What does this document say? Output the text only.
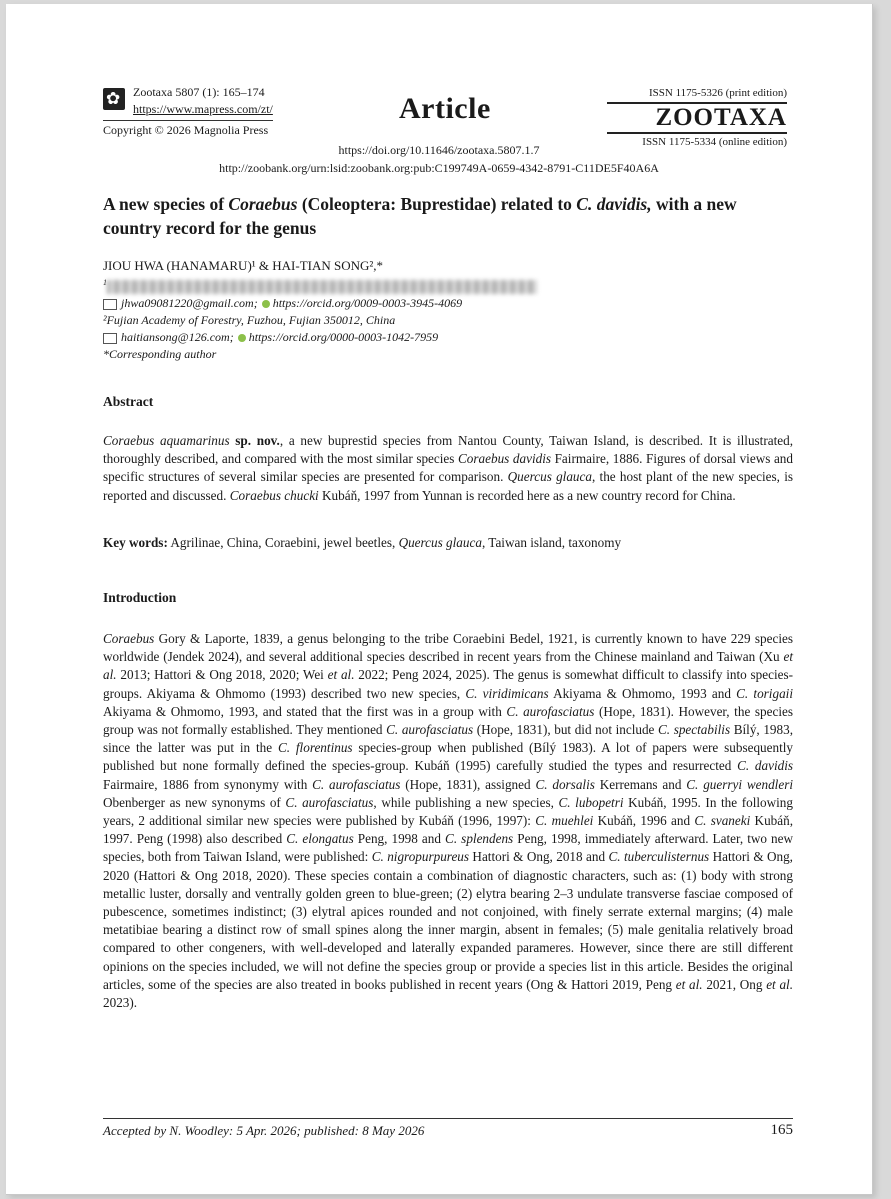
✿
Zootaxa 5807 (1): 165–174
https://www.mapress.com/zt/
Copyright © 2026 Magnolia Press
Article	ISSN 1175-5326 (print edition)
ZOOTAXA
ISSN 1175-5334 (online edition)
https://doi.org/10.11646/zootaxa.5807.1.7
http://zoobank.org/urn:lsid:zoobank.org:pub:C199749A-0659-4342-8791-C11DE5F40A6A
A new species of Coraebus (Coleoptera: Buprestidae) related to C. davidis, with a new country record for the genus
JIOU HWA (HANAMARU)¹ & HAI-TIAN SONG²,*
$^1$
jhwa09081220@gmail.com; https://orcid.org/0009-0003-3945-4069
²Fujian Academy of Forestry, Fuzhou, Fujian 350012, China
haitiansong@126.com; https://orcid.org/0000-0003-1042-7959
*Corresponding author
Abstract
Coraebus aquamarinus sp. nov., a new buprestid species from Nantou County, Taiwan Island, is described. It is illustrated, thoroughly described, and compared with the most similar species Coraebus davidis Fairmaire, 1886. Figures of dorsal views and specific structures of several similar species are presented for comparison. Quercus glauca, the host plant of the new species, is reported and discussed. Coraebus chucki Kubáň, 1997 from Yunnan is recorded here as a new country record for China.
Key words: Agrilinae, China, Coraebini, jewel beetles, Quercus glauca, Taiwan island, taxonomy
Introduction
Coraebus Gory & Laporte, 1839, a genus belonging to the tribe Coraebini Bedel, 1921, is currently known to have 229 species worldwide (Jendek 2024), and several additional species described in recent years from the Chinese mainland and Taiwan (Xu et al. 2013; Hattori & Ong 2018, 2020; Wei et al. 2022; Peng 2024, 2025). The genus is somewhat difficult to classify into species-groups. Akiyama & Ohmomo (1993) described two new species, C. viridimicans Akiyama & Ohmomo, 1993 and C. torigaii Akiyama & Ohmomo, 1993, and stated that the first was in a group with C. aurofasciatus (Hope, 1831). However, the species group was not formally established. They mentioned C. aurofasciatus (Hope, 1831), but did not include C. spectabilis Bílý, 1983, since the latter was put in the C. florentinus species-group when published (Bílý 1983). A lot of papers were subsequently published but none formally defined the species-group. Kubáň (1995) carefully studied the types and resurrected C. davidis Fairmaire, 1886 from synonymy with C. aurofasciatus (Hope, 1831), assigned C. dorsalis Kerremans and C. guerryi wendleri Obenberger as new synonyms of C. aurofasciatus, while publishing a new species, C. lubopetri Kubáň, 1995. In the following years, 2 additional similar new species were published by Kubáň (1996, 1997): C. muehlei Kubáň, 1996 and C. svaneki Kubáň, 1997. Peng (1998) also described C. elongatus Peng, 1998 and C. splendens Peng, 1998, immediately afterward. Later, two new species, both from Taiwan Island, were published: C. nigropurpureus Hattori & Ong, 2018 and C. tuberculisternus Hattori & Ong, 2020 (Hattori & Ong 2018, 2020). These species contain a combination of diagnostic characters, such as: (1) body with strong metallic luster, dorsally and ventrally golden green to blue-green; (2) elytra bearing 2–3 undulate transverse fasciae composed of pubescence, sometimes indistinct; (3) elytral apices rounded and not conjoined, with finely serrate external margins; (4) male metatibiae bearing a distinct row of small spines along the inner margin, absent in females; (5) male genitalia relatively broad compared to other congeners, with well-developed and laterally expanded parameres. However, since there are still different opinions on the species included, we will not define the species group or provide a species list in this article. Besides the original articles, some of the species are also treated in books published in recent years (Ong & Hattori 2019, Peng et al. 2021, Ong et al. 2023).
Accepted by N. Woodley: 5 Apr. 2026; published: 8 May 2026	165
